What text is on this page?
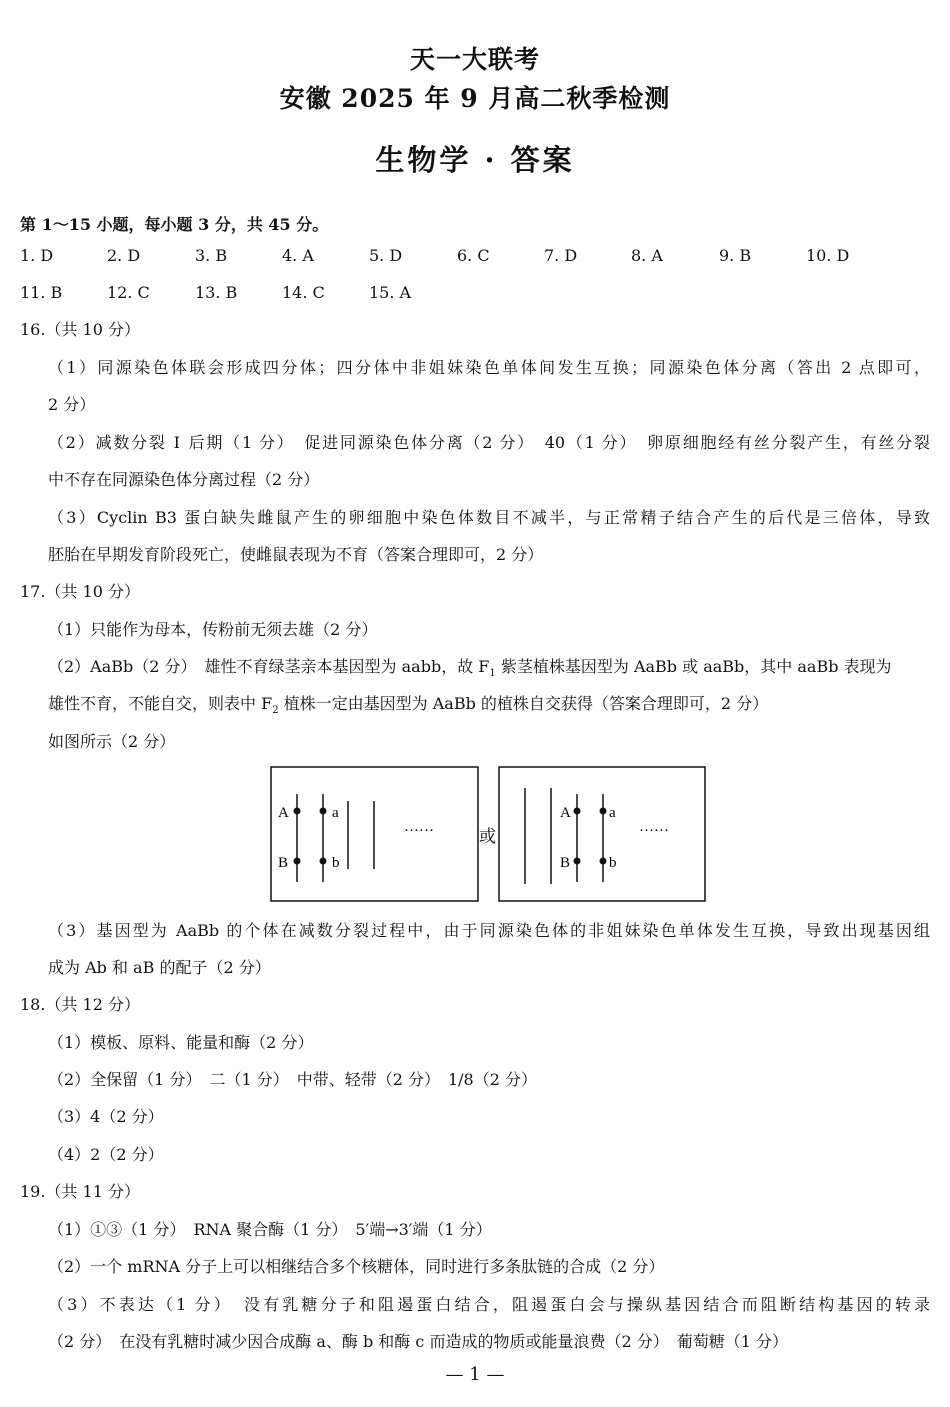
天一大联考
安徽 2025 年 9 月高二秋季检测
生物学 · 答案
第 1～15 小题，每小题 3 分，共 45 分。
1. D	2. D	3. B	4. A	5. D	6. C	7. D	8. A	9. B	10. D
11. B	12. C	13. B	14. C	15. A
16.（共 10 分）
（1）同源染色体联会形成四分体；四分体中非姐妹染色单体间发生互换；同源染色体分离（答出 2 点即可，
2 分）
（2）减数分裂 Ⅰ 后期（1 分）　促进同源染色体分离（2 分）　40（1 分）　卵原细胞经有丝分裂产生，有丝分裂
中不存在同源染色体分离过程（2 分）
（3）Cyclin B3 蛋白缺失雌鼠产生的卵细胞中染色体数目不减半，与正常精子结合产生的后代是三倍体，导致
胚胎在早期发育阶段死亡，使雌鼠表现为不育（答案合理即可，2 分）
17.（共 10 分）
（1）只能作为母本，传粉前无须去雄（2 分）
（2）AaBb（2 分）　雄性不育绿茎亲本基因型为 aabb，故 $F_1$ 紫茎植株基因型为 AaBb 或 aaBb，其中 aaBb 表现为
雄性不育，不能自交，则表中 $F_2$ 植株一定由基因型为 AaBb 的植株自交获得（答案合理即可，2 分）
如图所示（2 分）
A	a
B	b
……	或
A	a
B	b
……
（3）基因型为 AaBb 的个体在减数分裂过程中，由于同源染色体的非姐妹染色单体发生互换，导致出现基因组
成为 Ab 和 aB 的配子（2 分）
18.（共 12 分）
（1）模板、原料、能量和酶（2 分）
（2）全保留（1 分）　二（1 分）　中带、轻带（2 分）　1/8（2 分）
（3）4（2 分）
（4）2（2 分）
19.（共 11 分）
（1）①③（1 分）　RNA 聚合酶（1 分）　5′端→3′端（1 分）
（2）一个 mRNA 分子上可以相继结合多个核糖体，同时进行多条肽链的合成（2 分）
（3）不表达（1 分）　没有乳糖分子和阻遏蛋白结合，阻遏蛋白会与操纵基因结合而阻断结构基因的转录
（2 分）　在没有乳糖时减少因合成酶 a、酶 b 和酶 c 而造成的物质或能量浪费（2 分）　葡萄糖（1 分）
— 1 —
